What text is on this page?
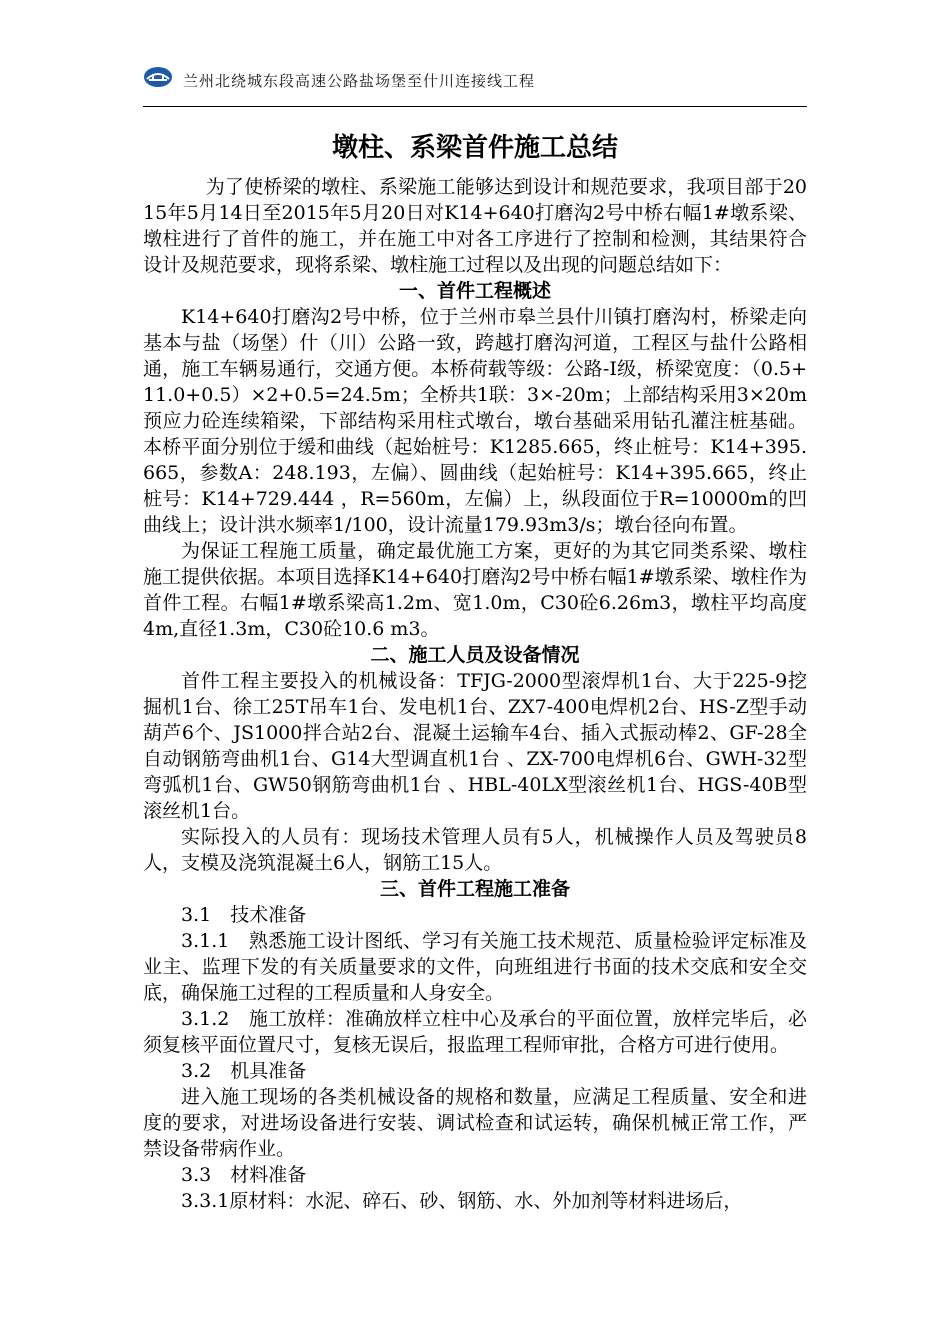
兰州北绕城东段高速公路盐场堡至什川连接线工程
墩柱、系梁首件施工总结

为了使桥梁的墩柱、系梁施工能够达到设计和规范要求，我项目部于2015年5月14日至2015年5月20日对K14+640打磨沟2号中桥右幅1#墩系梁、墩柱进行了首件的施工，并在施工中对各工序进行了控制和检测，其结果符合设计及规范要求，现将系梁、墩柱施工过程以及出现的问题总结如下：

一、首件工程概述

K14+640打磨沟2号中桥，位于兰州市皋兰县什川镇打磨沟村，桥梁走向基本与盐（场堡）什（川）公路一致，跨越打磨沟河道，工程区与盐什公路相通，施工车辆易通行，交通方便。本桥荷载等级：公路-Ⅰ级，桥梁宽度：（0.5+11.0+0.5）×2+0.5=24.5m；全桥共1联：3×-20m；上部结构采用3×20m预应力砼连续箱梁，下部结构采用柱式墩台，墩台基础采用钻孔灌注桩基础。本桥平面分别位于缓和曲线（起始桩号：K1285.665，终止桩号：K14+395.665，参数A：248.193，左偏）、圆曲线（起始桩号：K14+395.665，终止桩号：K14+729.444 ，R=560m，左偏）上，纵段面位于R=10000m的凹曲线上；设计洪水频率1/100，设计流量179.93m3/s；墩台径向布置。

为保证工程施工质量，确定最优施工方案，更好的为其它同类系梁、墩柱施工提供依据。本项目选择K14+640打磨沟2号中桥右幅1#墩系梁、墩柱作为首件工程。右幅1#墩系梁高1.2m、宽1.0m，C30砼6.26m3，墩柱平均高度4m,直径1.3m，C30砼10.6 m3。

二、施工人员及设备情况

首件工程主要投入的机械设备：TFJG-2000型滚焊机1台、大于225-9挖掘机1台、徐工25T吊车1台、发电机1台、ZX7-400电焊机2台、HS-Z型手动葫芦6个、JS1000拌合站2台、混凝土运输车4台、插入式振动棒2、GF-28全自动钢筋弯曲机1台、G14大型调直机1台 、ZX-700电焊机6台、GWH-32型弯弧机1台、GW50钢筋弯曲机1台 、HBL-40LX型滚丝机1台、HGS-40B型滚丝机1台。

实际投入的人员有：现场技术管理人员有5人，机械操作人员及驾驶员8人，支模及浇筑混凝土6人，钢筋工15人。

三、首件工程施工准备

3.1　技术准备

3.1.1　熟悉施工设计图纸、学习有关施工技术规范、质量检验评定标准及业主、监理下发的有关质量要求的文件，向班组进行书面的技术交底和安全交底，确保施工过程的工程质量和人身安全。

3.1.2　施工放样：准确放样立柱中心及承台的平面位置，放样完毕后，必须复核平面位置尺寸，复核无误后，报监理工程师审批，合格方可进行使用。

3.2　机具准备

进入施工现场的各类机械设备的规格和数量，应满足工程质量、安全和进度的要求，对进场设备进行安装、调试检查和试运转，确保机械正常工作，严禁设备带病作业。

3.3　材料准备

3.3.1原材料：水泥、碎石、砂、钢筋、水、外加剂等材料进场后，
